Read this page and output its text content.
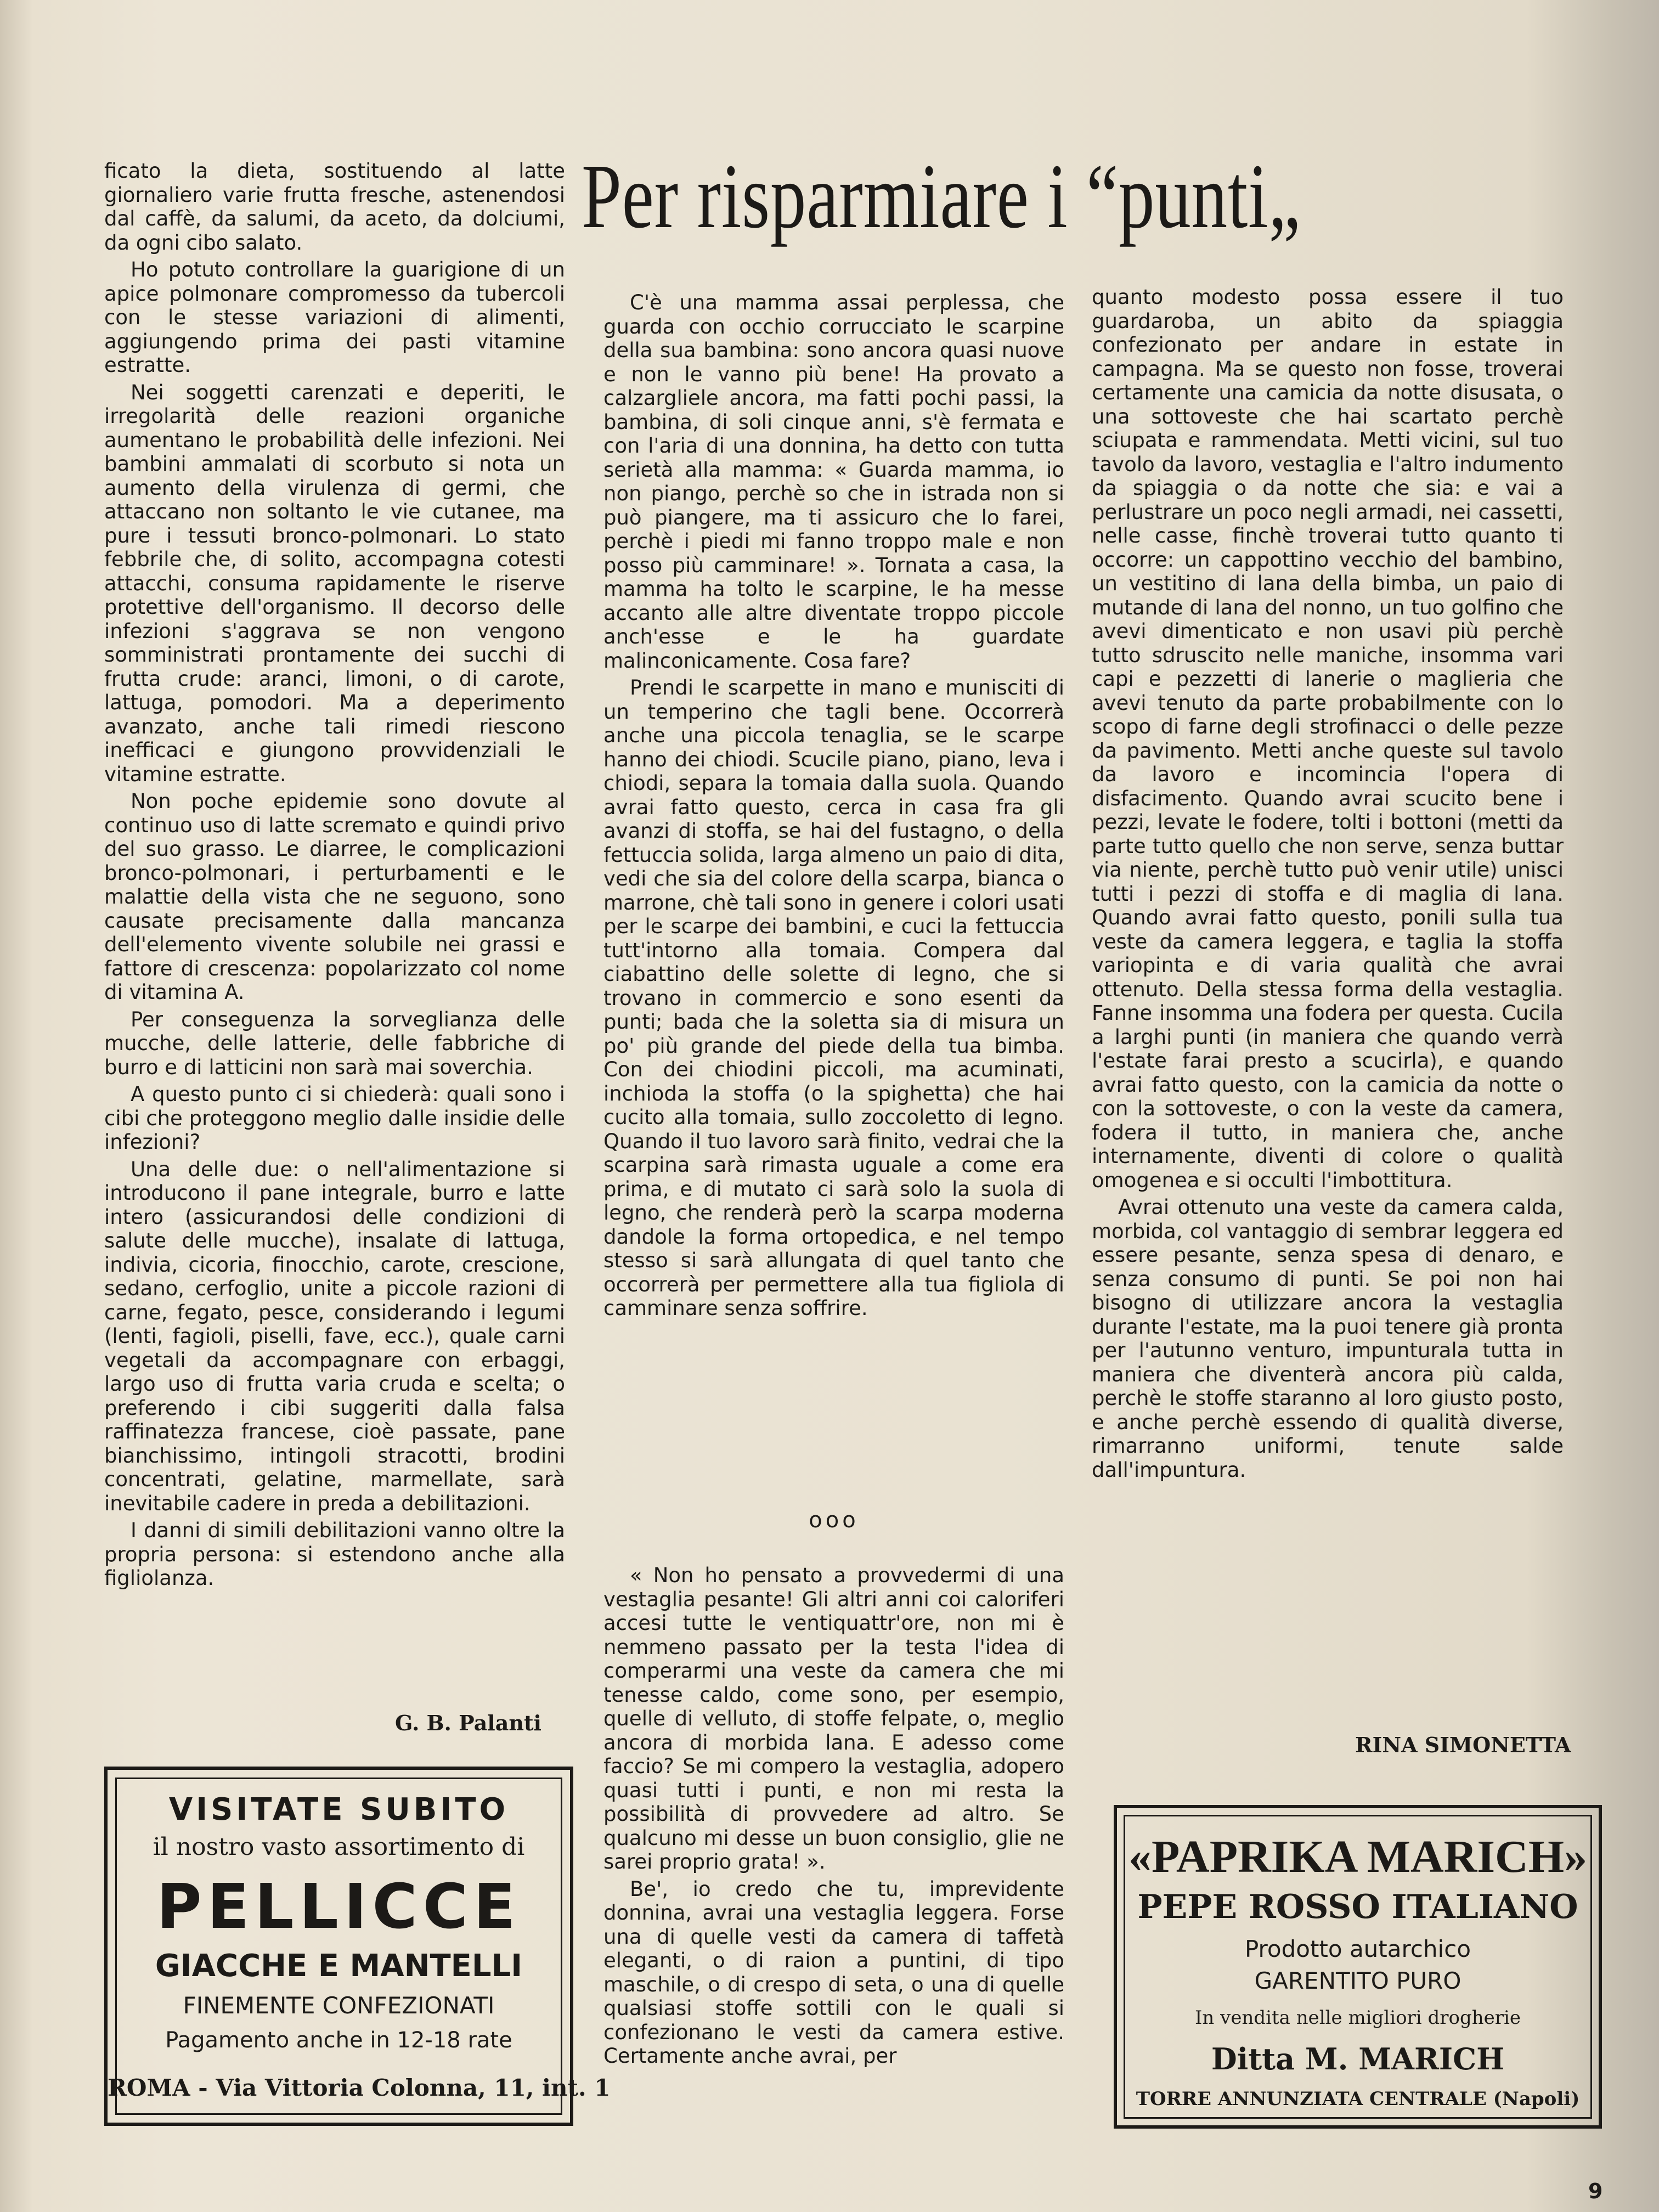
Per risparmiare i “punti„

ficato la dieta, sostituendo al latte giornaliero varie frutta fresche, astenendosi dal caffè, da salumi, da aceto, da dolciumi, da ogni cibo salato.

Ho potuto controllare la guarigione di un apice polmonare compromesso da tubercoli con le stesse variazioni di alimenti, aggiungendo prima dei pasti vitamine estratte.

Nei soggetti carenzati e deperiti, le irregolarità delle reazioni organiche aumentano le probabilità delle infezioni. Nei bambini ammalati di scorbuto si nota un aumento della virulenza di germi, che attaccano non soltanto le vie cutanee, ma pure i tessuti bronco-polmonari. Lo stato febbrile che, di solito, accompagna cotesti attacchi, consuma rapidamente le riserve protettive dell'organismo. Il decorso delle infezioni s'aggrava se non vengono somministrati prontamente dei succhi di frutta crude: aranci, limoni, o di carote, lattuga, pomodori. Ma a deperimento avanzato, anche tali rimedi riescono inefficaci e giungono provvidenziali le vitamine estratte.

Non poche epidemie sono dovute al continuo uso di latte scremato e quindi privo del suo grasso. Le diarree, le complicazioni bronco-polmonari, i perturbamenti e le malattie della vista che ne seguono, sono causate precisamente dalla mancanza dell'elemento vivente solubile nei grassi e fattore di crescenza: popolarizzato col nome di vitamina A.

Per conseguenza la sorveglianza delle mucche, delle latterie, delle fabbriche di burro e di latticini non sarà mai soverchia.

A questo punto ci si chiederà: quali sono i cibi che proteggono meglio dalle insidie delle infezioni?

Una delle due: o nell'alimentazione si introducono il pane integrale, burro e latte intero (assicurandosi delle condizioni di salute delle mucche), insalate di lattuga, indivia, cicoria, finocchio, carote, crescione, sedano, cerfoglio, unite a piccole razioni di carne, fegato, pesce, considerando i legumi (lenti, fagioli, piselli, fave, ecc.), quale carni vegetali da accompagnare con erbaggi, largo uso di frutta varia cruda e scelta; o preferendo i cibi suggeriti dalla falsa raffinatezza francese, cioè passate, pane bianchissimo, intingoli stracotti, brodini concentrati, gelatine, marmellate, sarà inevitabile cadere in preda a debilitazioni.

I danni di simili debilitazioni vanno oltre la propria persona: si estendono anche alla figliolanza.

G. B. Palanti

C'è una mamma assai perplessa, che guarda con occhio corrucciato le scarpine della sua bambina: sono ancora quasi nuove e non le vanno più bene! Ha provato a calzargliele ancora, ma fatti pochi passi, la bambina, di soli cinque anni, s'è fermata e con l'aria di una donnina, ha detto con tutta serietà alla mamma: « Guarda mamma, io non piango, perchè so che in istrada non si può piangere, ma ti assicuro che lo farei, perchè i piedi mi fanno troppo male e non posso più camminare! ». Tornata a casa, la mamma ha tolto le scarpine, le ha messe accanto alle altre diventate troppo piccole anch'esse e le ha guardate malinconicamente. Cosa fare?

Prendi le scarpette in mano e munisciti di un temperino che tagli bene. Occorrerà anche una piccola tenaglia, se le scarpe hanno dei chiodi. Scucile piano, piano, leva i chiodi, separa la tomaia dalla suola. Quando avrai fatto questo, cerca in casa fra gli avanzi di stoffa, se hai del fustagno, o della fettuccia solida, larga almeno un paio di dita, vedi che sia del colore della scarpa, bianca o marrone, chè tali sono in genere i colori usati per le scarpe dei bambini, e cuci la fettuccia tutt'intorno alla tomaia. Compera dal ciabattino delle solette di legno, che si trovano in commercio e sono esenti da punti; bada che la soletta sia di misura un po' più grande del piede della tua bimba. Con dei chiodini piccoli, ma acuminati, inchioda la stoffa (o la spighetta) che hai cucito alla tomaia, sullo zoccoletto di legno. Quando il tuo lavoro sarà finito, vedrai che la scarpina sarà rimasta uguale a come era prima, e di mutato ci sarà solo la suola di legno, che renderà però la scarpa moderna dandole la forma ortopedica, e nel tempo stesso si sarà allungata di quel tanto che occorrerà per permettere alla tua figliola di camminare senza soffrire.

ooo

« Non ho pensato a provvedermi di una vestaglia pesante! Gli altri anni coi caloriferi accesi tutte le ventiquattr'ore, non mi è nemmeno passato per la testa l'idea di comperarmi una veste da camera che mi tenesse caldo, come sono, per esempio, quelle di velluto, di stoffe felpate, o, meglio ancora di morbida lana. E adesso come faccio? Se mi compero la vestaglia, adopero quasi tutti i punti, e non mi resta la possibilità di provvedere ad altro. Se qualcuno mi desse un buon consiglio, glie ne sarei proprio grata! ».

Be', io credo che tu, imprevidente donnina, avrai una vestaglia leggera. Forse una di quelle vesti da camera di taffetà eleganti, o di raion a puntini, di tipo maschile, o di crespo di seta, o una di quelle qualsiasi stoffe sottili con le quali si confezionano le vesti da camera estive. Certamente anche avrai, per

quanto modesto possa essere il tuo guardaroba, un abito da spiaggia confezionato per andare in estate in campagna. Ma se questo non fosse, troverai certamente una camicia da notte disusata, o una sottoveste che hai scartato perchè sciupata e rammendata. Metti vicini, sul tuo tavolo da lavoro, vestaglia e l'altro indumento da spiaggia o da notte che sia: e vai a perlustrare un poco negli armadi, nei cassetti, nelle casse, finchè troverai tutto quanto ti occorre: un cappottino vecchio del bambino, un vestitino di lana della bimba, un paio di mutande di lana del nonno, un tuo golfino che avevi dimenticato e non usavi più perchè tutto sdruscito nelle maniche, insomma vari capi e pezzetti di lanerie o maglieria che avevi tenuto da parte probabilmente con lo scopo di farne degli strofinacci o delle pezze da pavimento. Metti anche queste sul tavolo da lavoro e incomincia l'opera di disfacimento. Quando avrai scucito bene i pezzi, levate le fodere, tolti i bottoni (metti da parte tutto quello che non serve, senza buttar via niente, perchè tutto può venir utile) unisci tutti i pezzi di stoffa e di maglia di lana. Quando avrai fatto questo, ponili sulla tua veste da camera leggera, e taglia la stoffa variopinta e di varia qualità che avrai ottenuto. Della stessa forma della vestaglia. Fanne insomma una fodera per questa. Cucila a larghi punti (in maniera che quando verrà l'estate farai presto a scucirla), e quando avrai fatto questo, con la camicia da notte o con la sottoveste, o con la veste da camera, fodera il tutto, in maniera che, anche internamente, diventi di colore o qualità omogenea e si occulti l'imbottitura.

Avrai ottenuto una veste da camera calda, morbida, col vantaggio di sembrar leggera ed essere pesante, senza spesa di denaro, e senza consumo di punti. Se poi non hai bisogno di utilizzare ancora la vestaglia durante l'estate, ma la puoi tenere già pronta per l'autunno venturo, impunturala tutta in maniera che diventerà ancora più calda, perchè le stoffe staranno al loro giusto posto, e anche perchè essendo di qualità diverse, rimarranno uniformi, tenute salde dall'impuntura.

RINA SIMONETTA
VISITATE SUBITO
il nostro vasto assortimento di
PELLICCE
GIACCHE E MANTELLI
FINEMENTE CONFEZIONATI
Pagamento anche in 12-18 rate
ROMA - Via Vittoria Colonna, 11, int. 1
«PAPRIKA MARICH»
PEPE ROSSO ITALIANO
Prodotto autarchico
GARENTITO PURO
In vendita nelle migliori drogherie
Ditta M. MARICH
TORRE ANNUNZIATA CENTRALE (Napoli)
9
